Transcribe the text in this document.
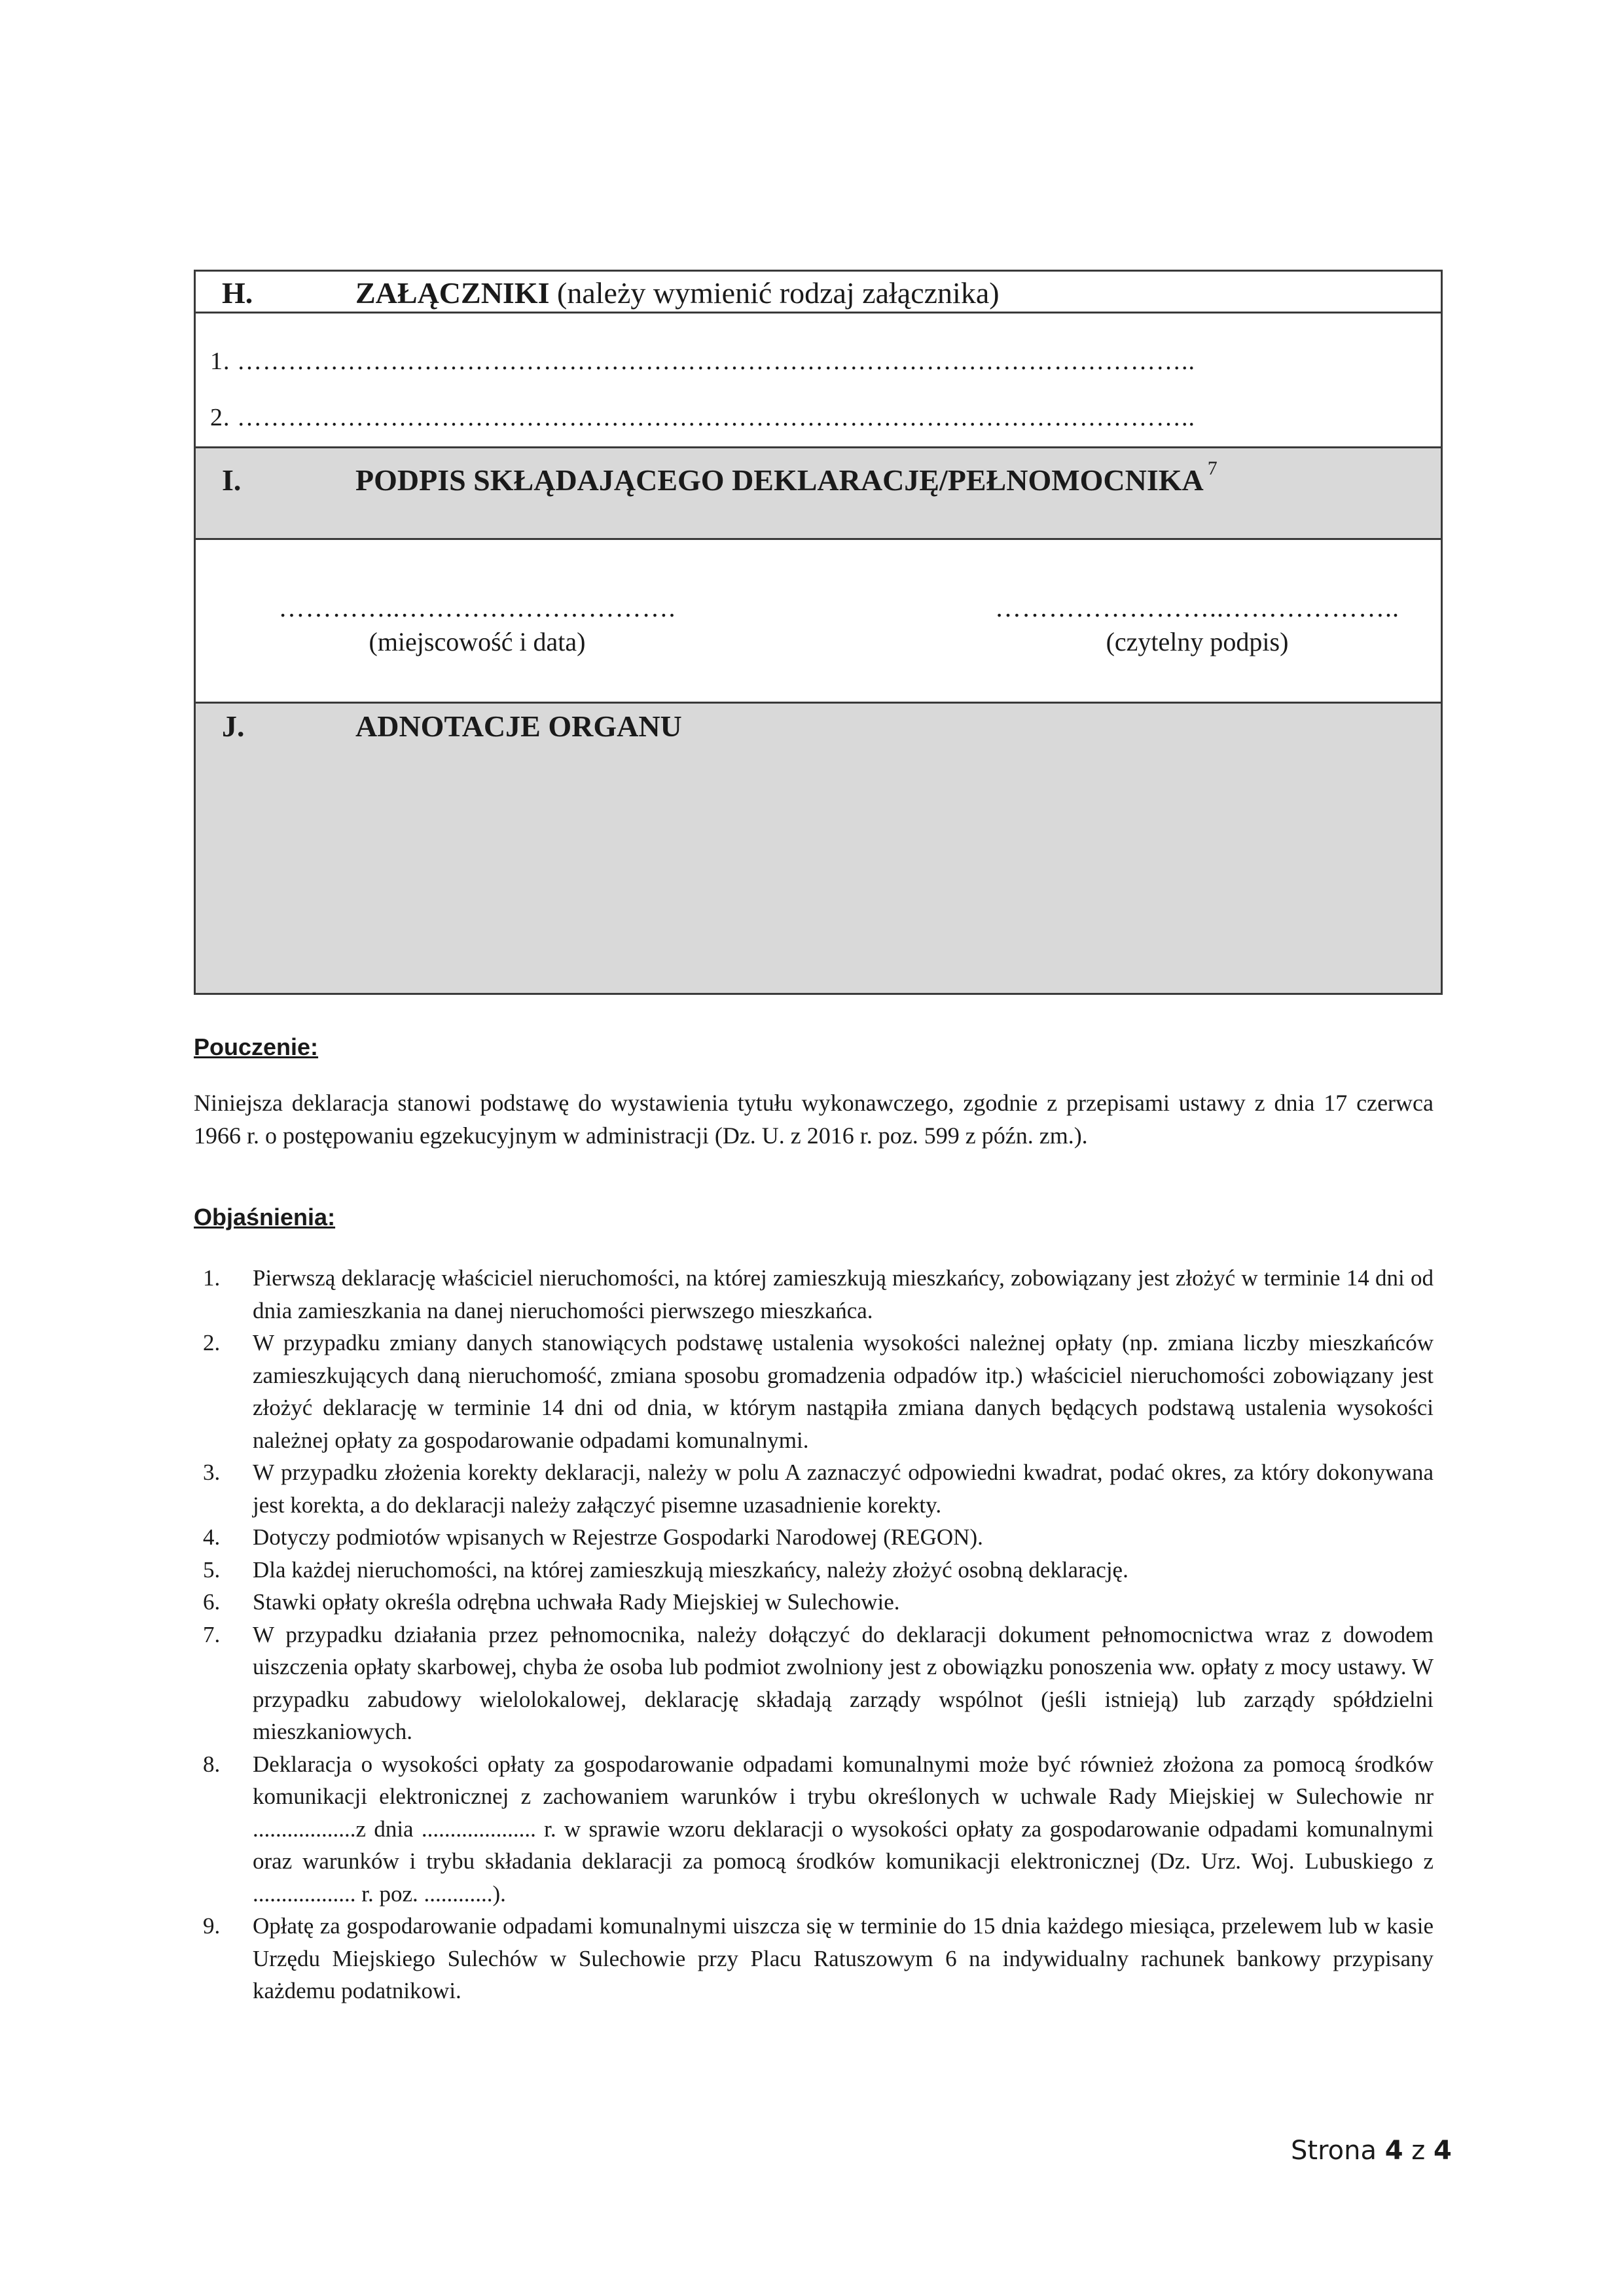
H.	ZAŁĄCZNIKI (należy wymienić rodzaj załącznika)
1. …………………………………………………………………………………………………..
2. …………………………………………………………………………………………………..
I.	PODPIS SKŁĄDAJĄCEGO DEKLARACJĘ/PEŁNOMOCNIKA $^7$
…………..………………………….
(miejscowość i data)
……………………..………………..
(czytelny podpis)
J.	ADNOTACJE ORGANU
Pouczenie:
Niniejsza deklaracja stanowi podstawę do wystawienia tytułu wykonawczego, zgodnie z przepisami ustawy z dnia 17 czerwca 1966 r. o postępowaniu egzekucyjnym w administracji (Dz. U. z 2016 r. poz. 599 z późn. zm.).
Objaśnienia:
1.	Pierwszą deklarację właściciel nieruchomości, na której zamieszkują mieszkańcy, zobowiązany jest złożyć w terminie 14 dni od dnia zamieszkania na danej nieruchomości pierwszego mieszkańca.
2.	W przypadku zmiany danych stanowiących podstawę ustalenia wysokości należnej opłaty (np. zmiana liczby mieszkańców zamieszkujących daną nieruchomość, zmiana sposobu gromadzenia odpadów itp.) właściciel nieruchomości zobowiązany jest złożyć deklarację w terminie 14 dni od dnia, w którym nastąpiła zmiana danych będących podstawą ustalenia wysokości należnej opłaty za gospodarowanie odpadami komunalnymi.
3.	W przypadku złożenia korekty deklaracji, należy w polu A zaznaczyć odpowiedni kwadrat, podać okres, za który dokonywana jest korekta, a do deklaracji należy załączyć pisemne uzasadnienie korekty.
4.	Dotyczy podmiotów wpisanych w Rejestrze Gospodarki Narodowej (REGON).
5.	Dla każdej nieruchomości, na której zamieszkują mieszkańcy, należy złożyć osobną deklarację.
6.	Stawki opłaty określa odrębna uchwała Rady Miejskiej w Sulechowie.
7.	W przypadku działania przez pełnomocnika, należy dołączyć do deklaracji dokument pełnomocnictwa wraz z dowodem uiszczenia opłaty skarbowej, chyba że osoba lub podmiot zwolniony jest z obowiązku ponoszenia ww. opłaty z mocy ustawy. W przypadku zabudowy wielolokalowej, deklarację składają zarządy wspólnot (jeśli istnieją) lub zarządy spółdzielni mieszkaniowych.
8.	Deklaracja o wysokości opłaty za gospodarowanie odpadami komunalnymi może być również złożona za pomocą środków komunikacji elektronicznej z zachowaniem warunków i trybu określonych w uchwale Rady Miejskiej w Sulechowie nr ..................z dnia .................... r. w sprawie wzoru deklaracji o wysokości opłaty za gospodarowanie odpadami komunalnymi oraz warunków i trybu składania deklaracji za pomocą środków komunikacji elektronicznej (Dz. Urz. Woj. Lubuskiego z .................. r. poz. ............).
9.	Opłatę za gospodarowanie odpadami komunalnymi uiszcza się w terminie do 15 dnia każdego miesiąca, przelewem lub w kasie Urzędu Miejskiego Sulechów w Sulechowie przy Placu Ratuszowym 6 na indywidualny rachunek bankowy przypisany każdemu podatnikowi.
Strona 4 z 4
